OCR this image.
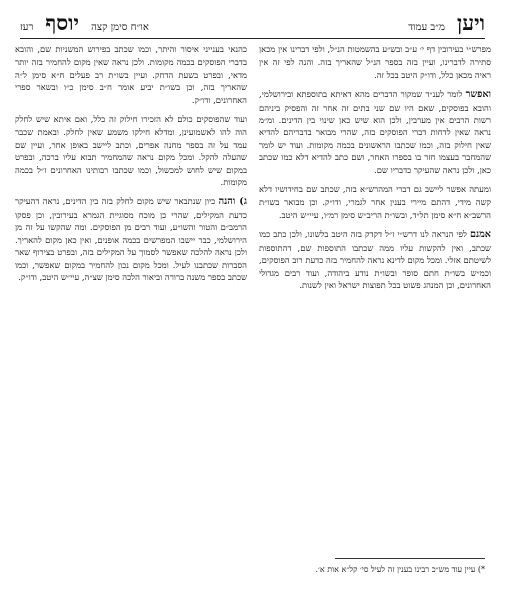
ויען
מ״ב עמוד
או״ח סימן קצה
יוסף
רעז

מפרש״י בעירובין דף י׳ ע״ב ובש״ע בהשמטות הנ״ל, ולפי דברינו אין מכאן סתירה לדברינו, ועיין בזה בספר הנ״ל שהאריך בזה. והנה לפי זה אין ראיה מכאן כלל, ודו״ק היטב בכל זה.

ואפשר לומר לענ״ד שמקור הדברים מהא דאיתא בתוספתא ובירושלמי, והובא בפוסקים, שאם היו שם שני בתים זה אחר זה והפסיק ביניהם רשות הרבים אין מערבין, ולכן הוא שיש כאן שינוי בין הדינים. ומ״מ נראה שאין לדחות דברי הפוסקים בזה, שהרי מבואר בדבריהם להדיא שאין חילוק בזה, וכמו שכתבו הראשונים בכמה מקומות. ועוד יש לומר שהמחבר בעצמו חזר בו בספרו האחר, ושם כתב להדיא דלא כמו שכתב כאן, ולכן נראה שהעיקר כדבריו שם.

ומעתה אפשר ליישב גם דברי המהרש״א בזה, שכתב שם בחידושיו דלא קשה מידי, דהתם מיירי בענין אחר לגמרי, ודו״ק. וכן מבואר בשו״ת הרשב״א ח״א סימן תל״ד, ובשו״ת הריב״ש סימן רמ״ו, עיי״ש היטב.

אמנם לפי הנראה לנו דרש״י ז״ל דקדק בזה היטב בלשונו, ולכן כתב כמו שכתב, ואין להקשות עליו ממה שכתבו התוספות שם, דהתוספות לשיטתם אזלי. ומכל מקום לדינא נראה להחמיר בזה כדעת רוב הפוסקים, וכמ״ש בשו״ת חתם סופר ובשו״ת נודע ביהודה, ועוד רבים מגדולי האחרונים, וכן המנהג פשוט בכל תפוצות ישראל ואין לשנות.

כהנאי בענייני איסור והיתר, וכמו שכתב בפירוש המשניות שם, והובא בדברי הפוסקים בכמה מקומות. ולכן נראה שאין מקום להחמיר בזה יותר מדאי, ובפרט בשעת הדחק. ועיין בשו״ת רב פעלים ח״א סימן ל״ה שהאריך בזה, וכן בשו״ת יביע אומר ח״ב סימן כ״ו ובשאר ספרי האחרונים, ודו״ק.

ועוד שהפוסקים כולם לא הזכירו חילוק זה כלל, ואם איתא שיש לחלק הוה להו לאשמועינן, ומדלא חילקו משמע שאין לחלק. ובאמת שכבר עמד על זה בספר מחנה אפרים, וכתב ליישב באופן אחר, ועיין שם שהעלה להקל. ומכל מקום נראה שהמחמיר תבוא עליו ברכה, ובפרט במקום שיש לחוש למכשול, וכמו שכתבו רבותינו האחרונים ז״ל בכמה מקומות.

ג) והנה כיון שנתבאר שיש מקום לחלק בזה בין הדינים, נראה דהעיקר כדעת המקילים, שהרי כן מוכח מסוגיית הגמרא בעירובין, וכן פסקו הרמב״ם והטור והשו״ע, ועוד רבים מן הפוסקים. ומה שהקשו על זה מן הירושלמי, כבר יישבו המפרשים בכמה אופנים, ואין כאן מקום להאריך. ולכן נראה להלכה שאפשר לסמוך על המקילים בזה, ובפרט בצירוף שאר הסברות שכתבנו לעיל. ומכל מקום נכון להחמיר במקום שאפשר, וכמו שכתב בספר משנה ברורה וביאור הלכה סימן שצ״ה, עיי״ש היטב, ודו״ק.

*) עיין עוד מש״כ רבינו בענין זה לעיל סי׳ קל״א אות א׳.
